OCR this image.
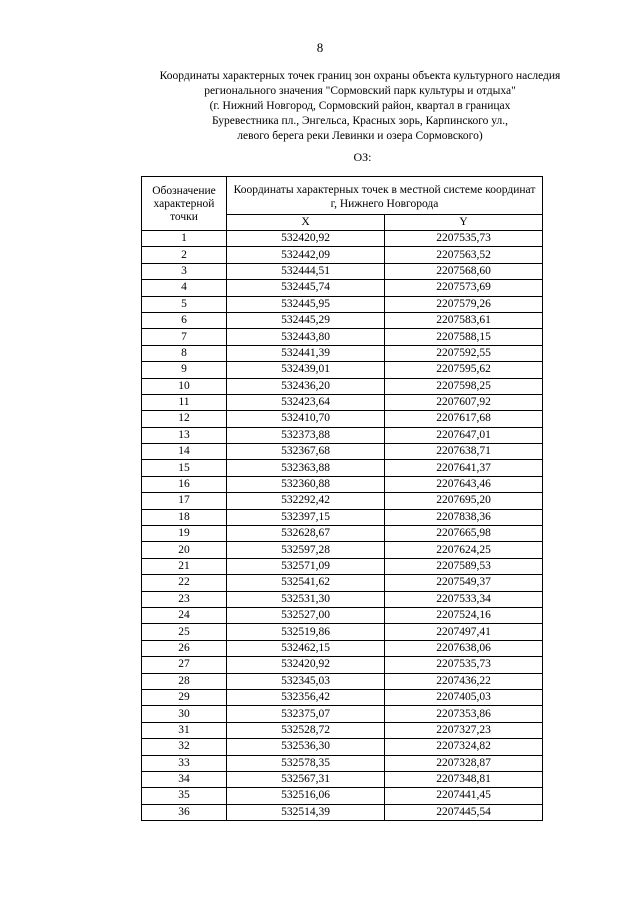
8
Координаты характерных точек границ зон охраны объекта культурного наследия
регионального значения "Сормовский парк культуры и отдыха"
(г. Нижний Новгород, Сормовский район, квартал в границах
Буревестника пл., Энгельса, Красных зорь, Карпинского ул.,
левого берега реки Левинки и озера Сормовского)
ОЗ:
Обозначение характерной точки	Координаты характерных точек в местной системе координат г, Нижнего Новгорода	
	X	Y
1	532420,92	2207535,73
2	532442,09	2207563,52
3	532444,51	2207568,60
4	532445,74	2207573,69
5	532445,95	2207579,26
6	532445,29	2207583,61
7	532443,80	2207588,15
8	532441,39	2207592,55
9	532439,01	2207595,62
10	532436,20	2207598,25
11	532423,64	2207607,92
12	532410,70	2207617,68
13	532373,88	2207647,01
14	532367,68	2207638,71
15	532363,88	2207641,37
16	532360,88	2207643,46
17	532292,42	2207695,20
18	532397,15	2207838,36
19	532628,67	2207665,98
20	532597,28	2207624,25
21	532571,09	2207589,53
22	532541,62	2207549,37
23	532531,30	2207533,34
24	532527,00	2207524,16
25	532519,86	2207497,41
26	532462,15	2207638,06
27	532420,92	2207535,73
28	532345,03	2207436,22
29	532356,42	2207405,03
30	532375,07	2207353,86
31	532528,72	2207327,23
32	532536,30	2207324,82
33	532578,35	2207328,87
34	532567,31	2207348,81
35	532516,06	2207441,45
36	532514,39	2207445,54
